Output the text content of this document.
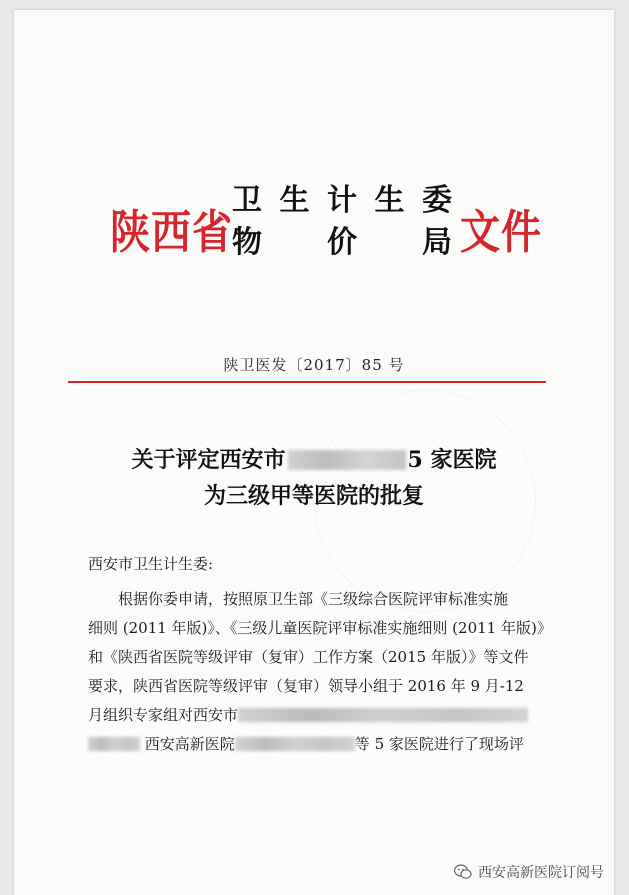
陕西省
卫 生 计 生 委
物 价 局 文件
陕卫医发〔2017〕85 号
关于评定西安市	5 家医院
为三级甲等医院的批复
西安市卫生计生委:
根据你委申请，按照原卫生部《三级综合医院评审标准实施
细则 (2011 年版)》、《三级儿童医院评审标准实施细则 (2011 年版)》
和《陕西省医院等级评审（复审）工作方案（2015 年版）》等文件
要求，陕西省医院等级评审（复审）领导小组于 2016 年 9 月-12
月组织专家组对西安市
西安高新医院	等 5 家医院进行了现场评
西安高新医院订阅号
